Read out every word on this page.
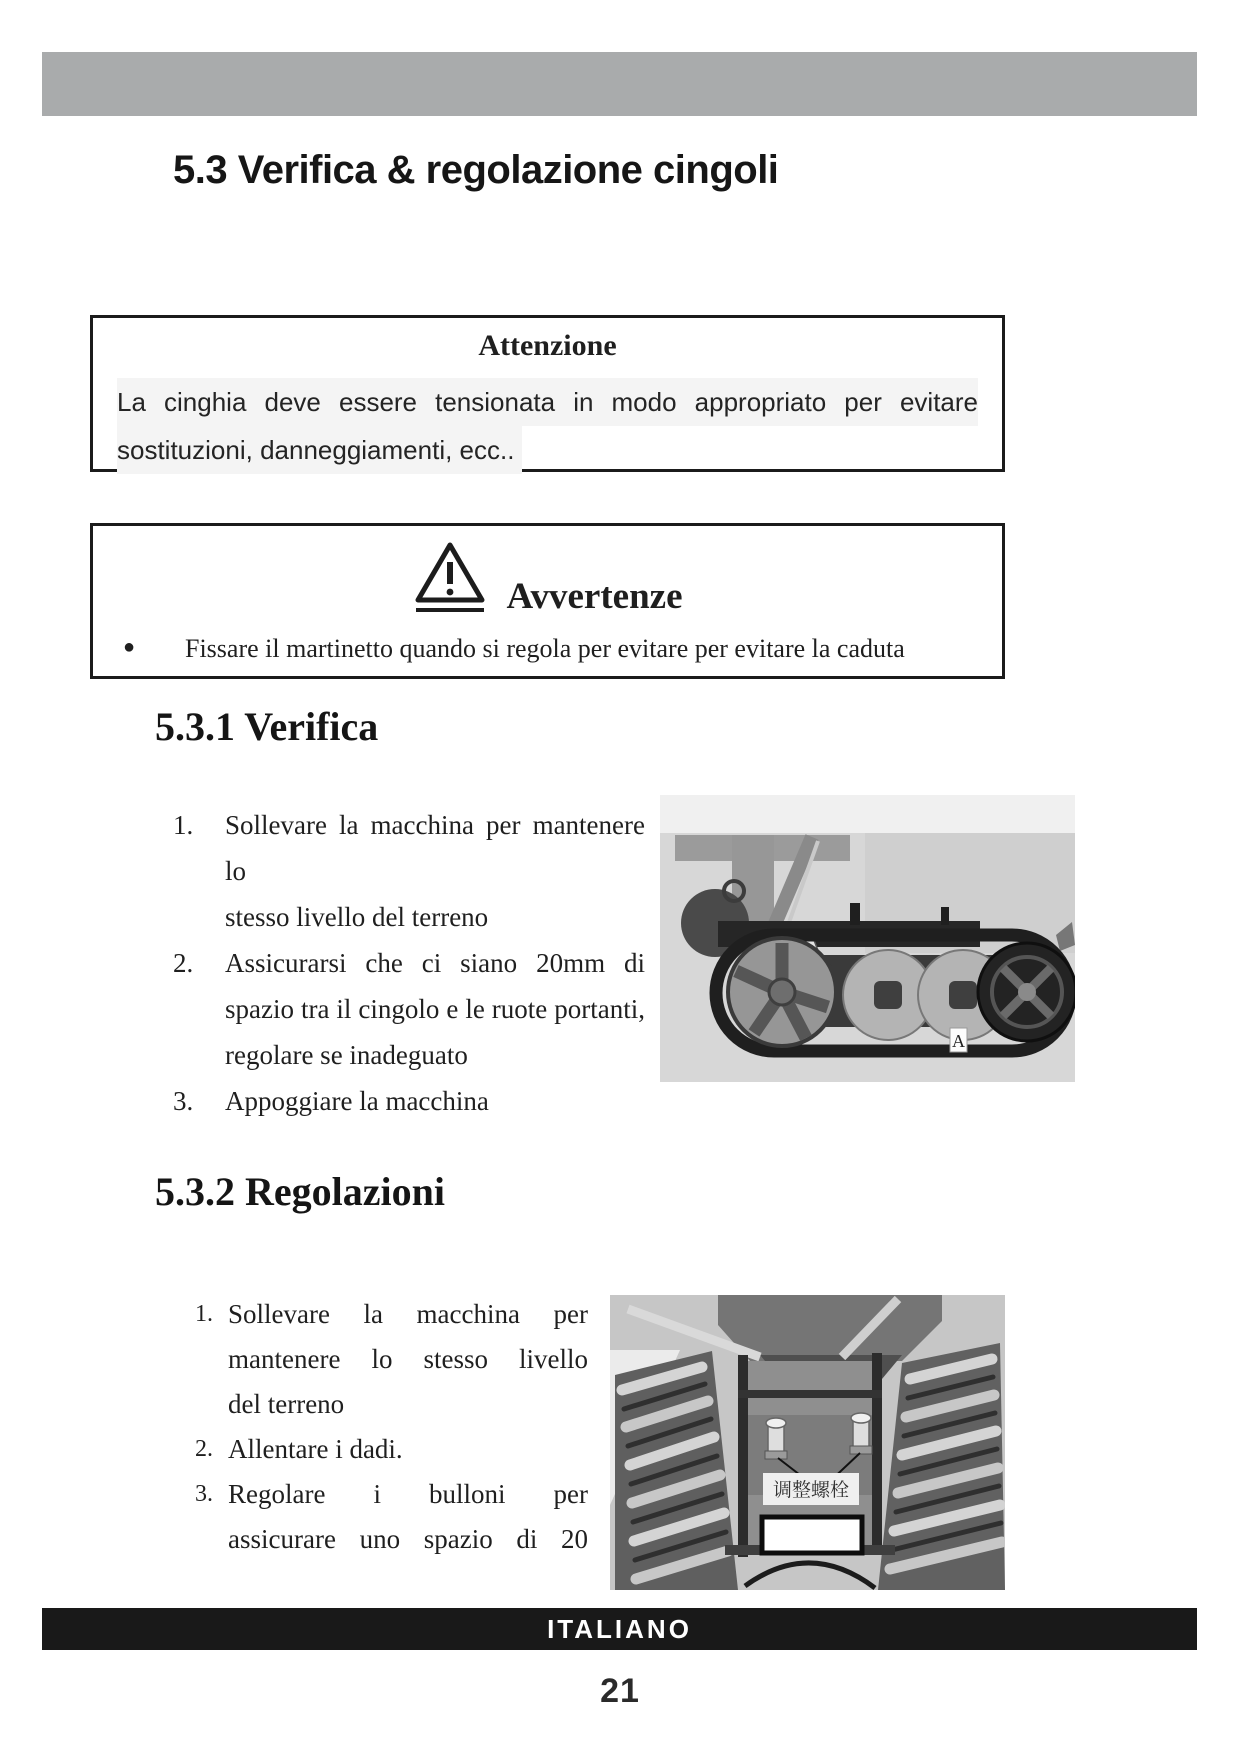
5.3 Verifica & regolazione cingoli
Attenzione
La cinghia deve essere tensionata in modo appropriato per evitare
sostituzioni, danneggiamenti, ecc..
Avvertenze
● Fissare il martinetto quando si regola per evitare per evitare la caduta
5.3.1 Verifica
1.	Sollevare la macchina per mantenere lo
stesso livello del terreno
2.	Assicurarsi che ci siano 20mm di
spazio tra il cingolo e le ruote portanti,
regolare se inadeguato
3.	Appoggiare la macchina
A
5.3.2 Regolazioni
1. Sollevare la macchina per
mantenere lo stesso livello
del terreno
2. Allentare i dadi.
3. Regolare i bulloni per
assicurare uno spazio di 20
调整螺栓
ITALIANO
21
